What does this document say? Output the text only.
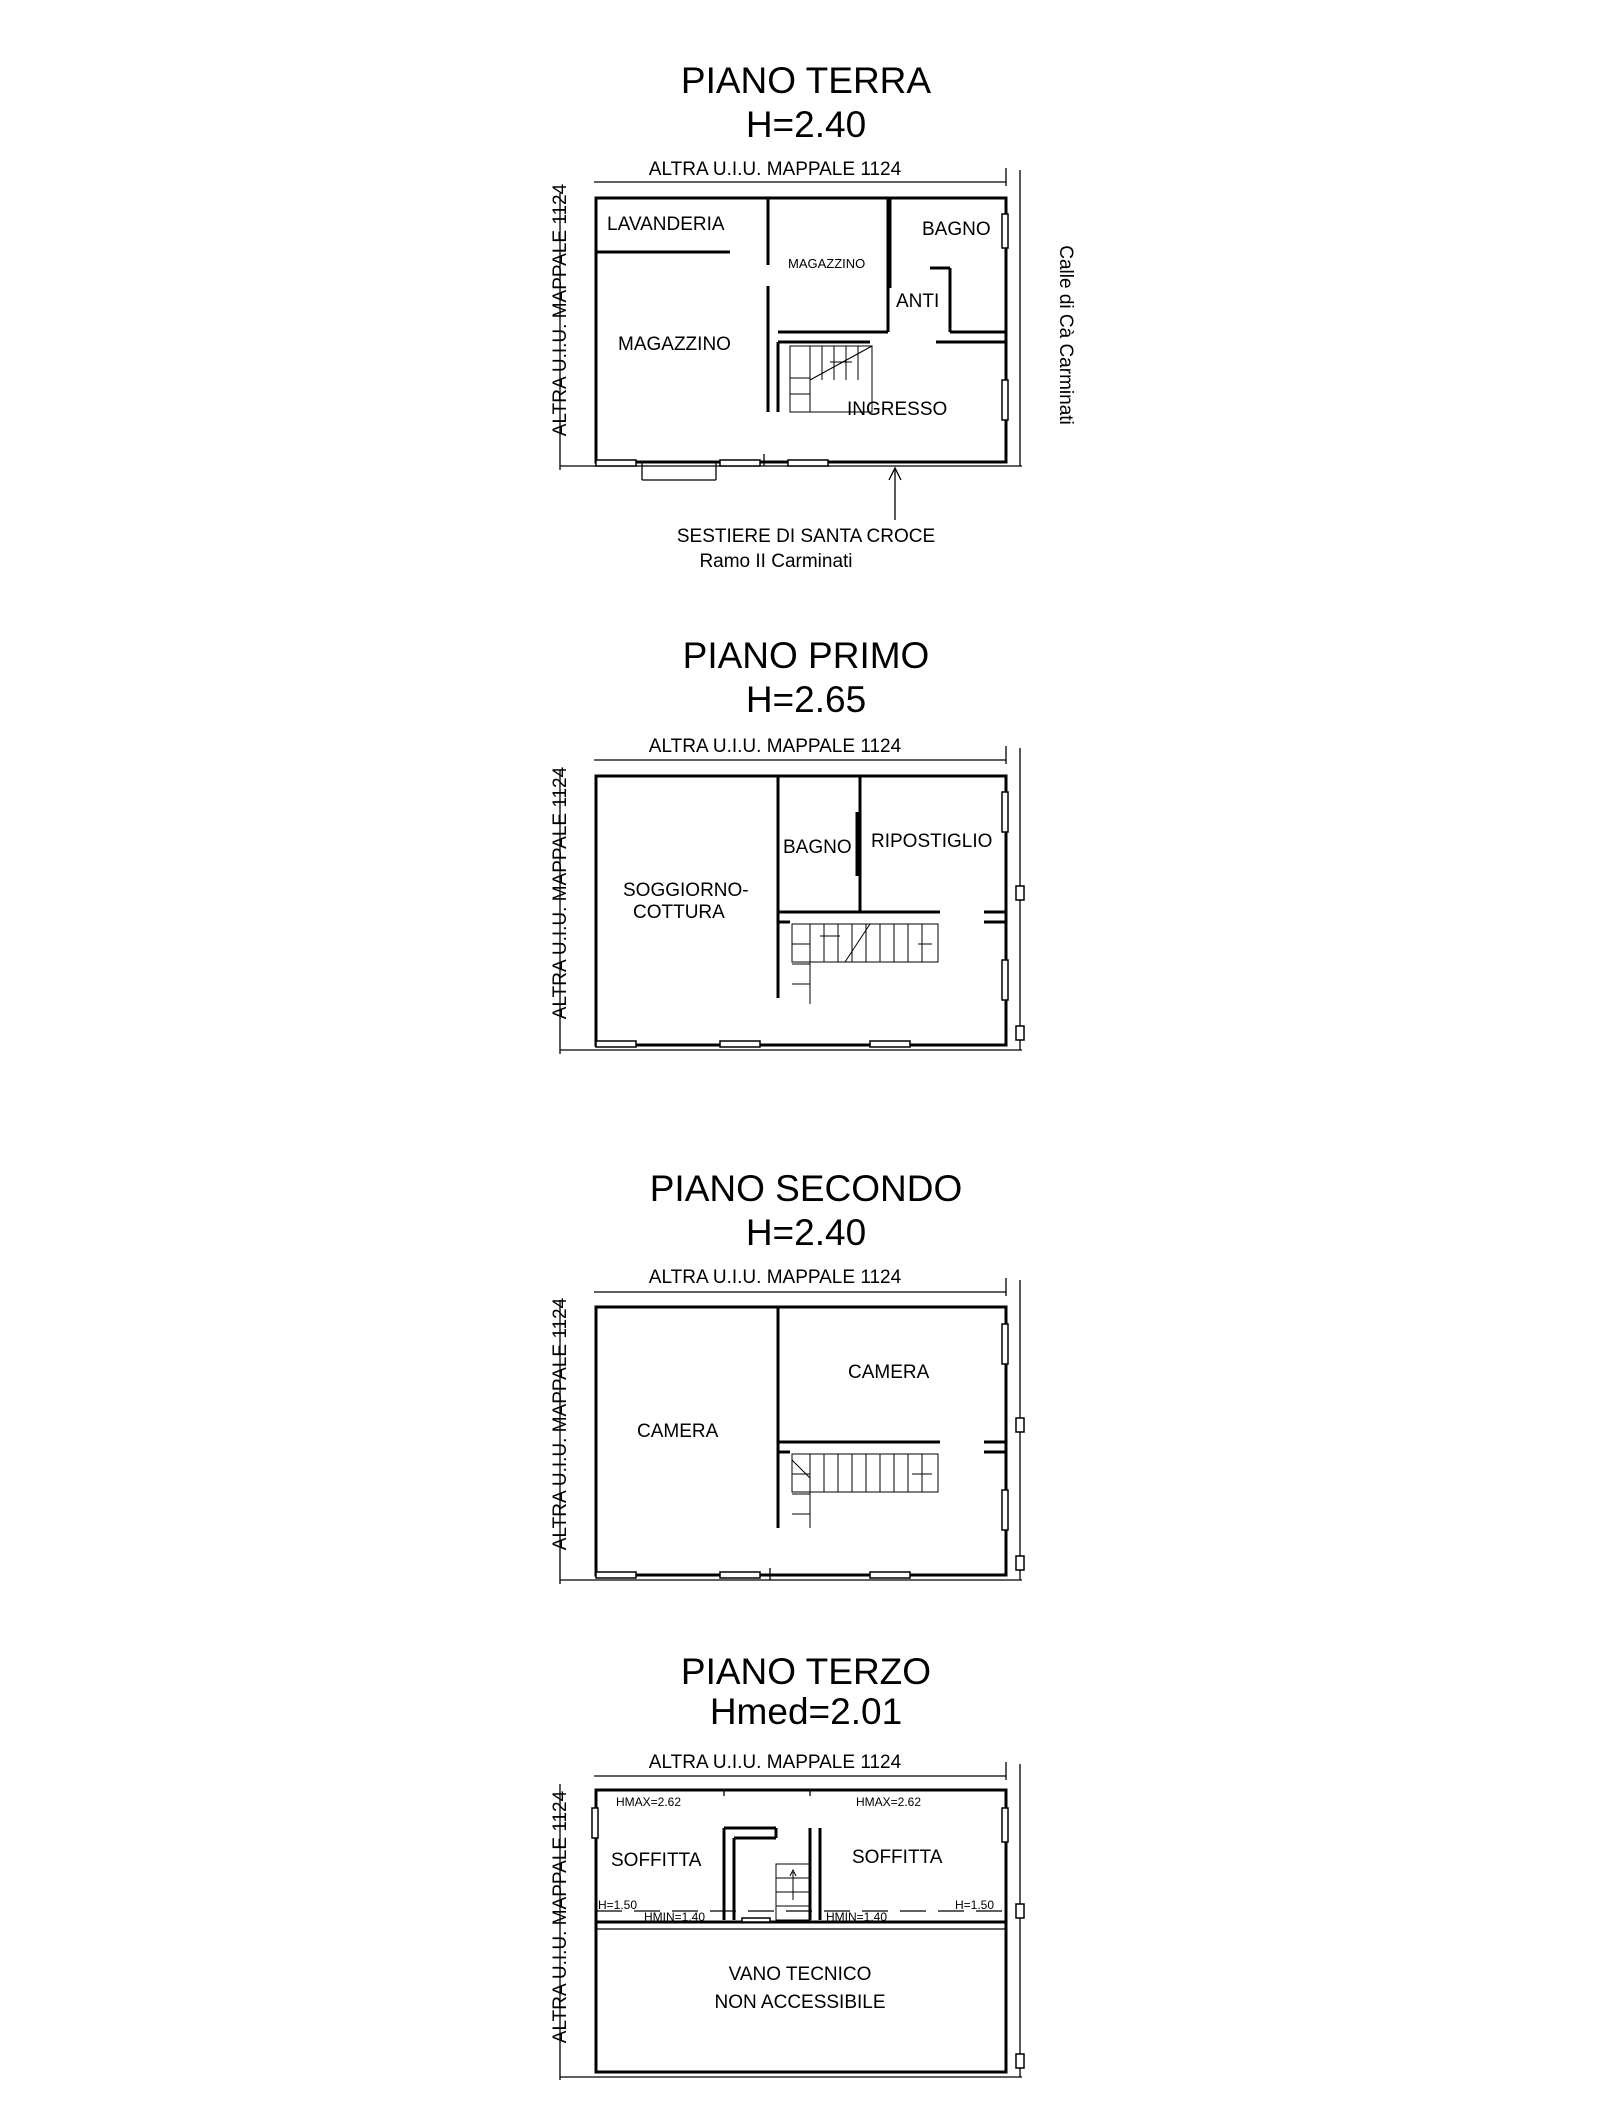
PIANO TERRA
H=2.40
ALTRA U.I.U. MAPPALE 1124
ALTRA U.I.U. MAPPALE 1124	Calle di Cà Carminati
LAVANDERIA
MAGAZZINO
BAGNO
ANTI
MAGAZZINO
INGRESSO
SESTIERE DI SANTA CROCE
Ramo II Carminati
PIANO PRIMO
H=2.65
ALTRA U.I.U. MAPPALE 1124
ALTRA U.I.U. MAPPALE 1124	BAGNO RIPOSTIGLIO
SOGGIORNO-
COTTURA
PIANO SECONDO
H=2.40
ALTRA U.I.U. MAPPALE 1124
ALTRA U.I.U. MAPPALE 1124	CAMERA
CAMERA
PIANO TERZO
Hmed=2.01
ALTRA U.I.U. MAPPALE 1124
ALTRA U.I.U. MAPPALE 1124	HMAX=2.62	HMAX=2.62
SOFFITTA	SOFFITTA
H=1.50	H=1.50
HMIN=1.40	HMIN=1.40
VANO TECNICO
NON ACCESSIBILE
